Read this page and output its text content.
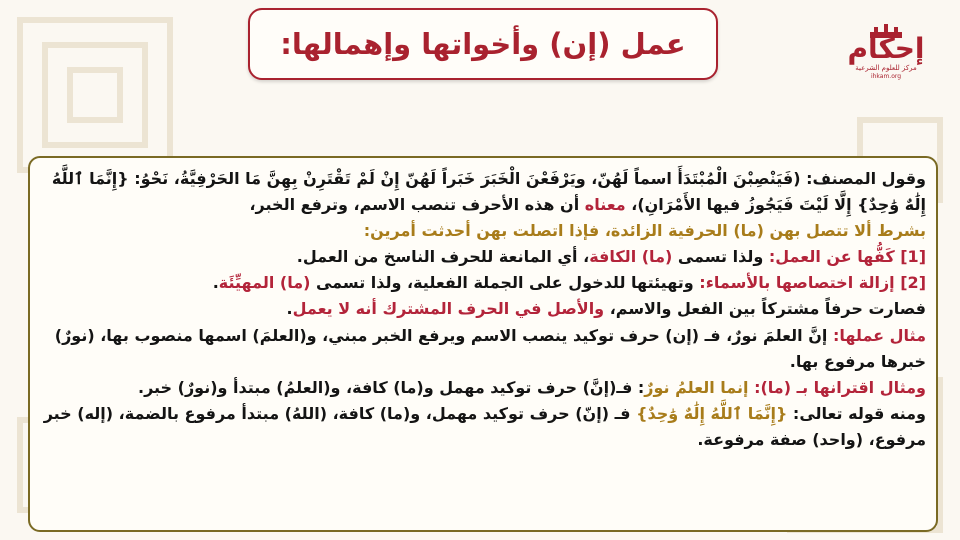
عمل (إن) وأخواتها وإهمالها:	إحكام
مركز للعلوم الشرعية
ihkam.org

وقول المصنف: (فَيَنْصِبْنَ الْمُبْتَدَأَ اسماً لَهُنّ، ويَرْفَعْنَ الْخَبَرَ خَبَراً لَهُنّ إِنْ لَمْ تَقْتَرِنْ بِهِنَّ مَا الحَرْفِيَّةُ، نَحْوُ: {إِنَّمَا ٱللَّهُ إِلَٰهٌ وَٰحِدٌ} إِلَّا لَيْتَ فَيَجُوزُ فيها الأَمْرَانِ)، معناه أن هذه الأحرف تنصب الاسم، وترفع الخبر،

بشرط ألا تتصل بهن (ما) الحرفية الزائدة، فإذا اتصلت بهن أحدثت أمرين:

[1] كَفُّها عن العمل: ولذا تسمى (ما) الكافة، أي المانعة للحرف الناسخ من العمل.

[2] إزالة اختصاصها بالأسماء: وتهيئتها للدخول على الجملة الفعلية، ولذا تسمى (ما) المهيِّئَة.

فصارت حرفاً مشتركاً بين الفعل والاسم، والأصل في الحرف المشترك أنه لا يعمل.

مثال عملها: إنَّ العلمَ نورٌ، فـ (إن) حرف توكيد ينصب الاسم ويرفع الخبر مبني، و(العلمَ) اسمها منصوب بها، (نورٌ) خبرها مرفوع بها.

ومثال اقترانها بـ (ما): إنما العلمُ نورٌ: فـ(إنَّ) حرف توكيد مهمل و(ما) كافة، و(العلمُ) مبتدأ و(نورٌ) خبر.

ومنه قوله تعالى: {إِنَّمَا ٱللَّهُ إِلَٰهٌ وَٰحِدٌ} فـ (إنّ) حرف توكيد مهمل، و(ما) كافة، (اللهُ) مبتدأ مرفوع بالضمة، (إله) خبر مرفوع، (واحد) صفة مرفوعة.
